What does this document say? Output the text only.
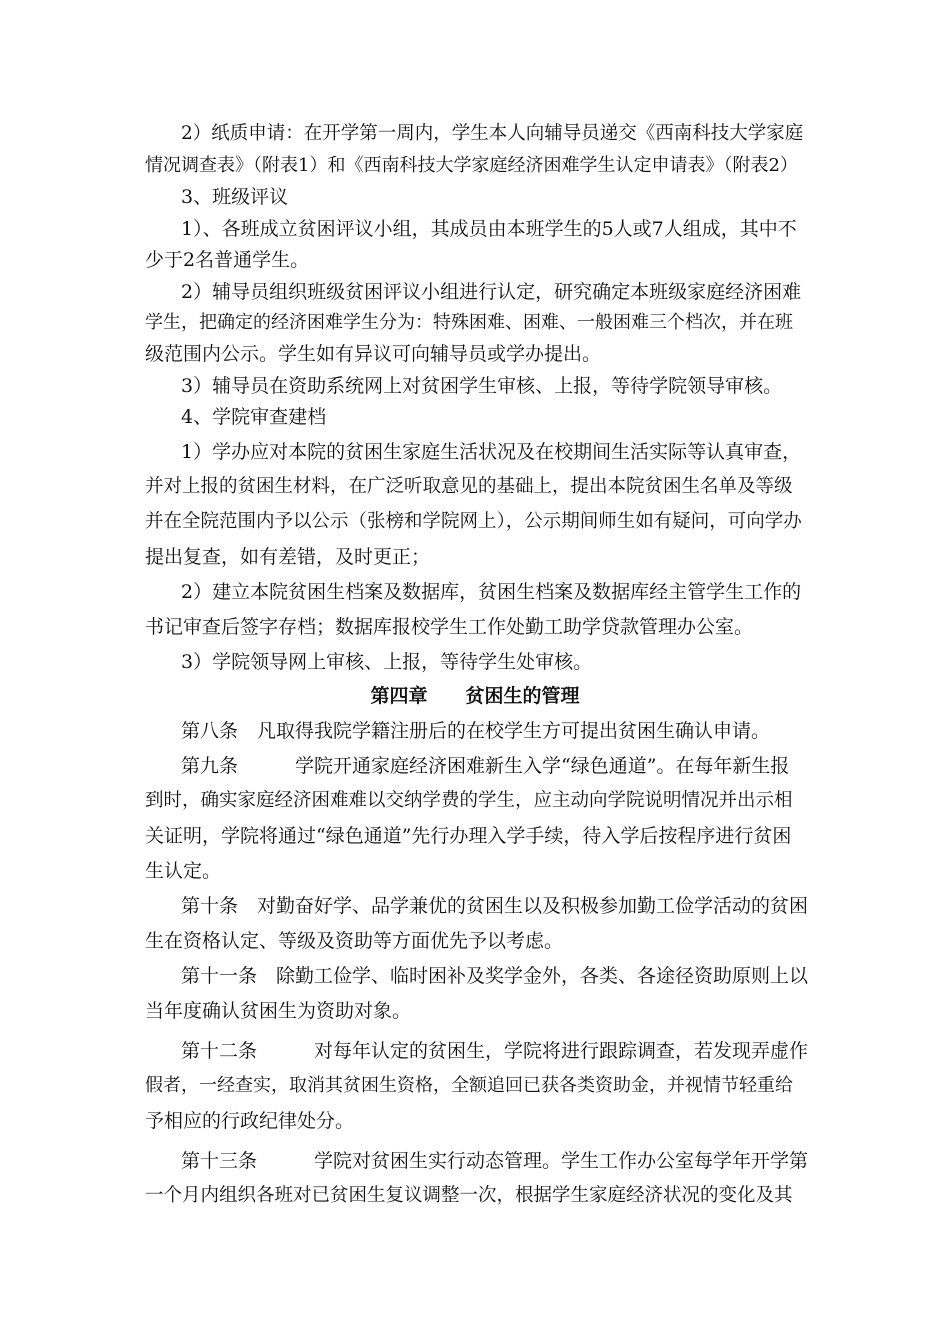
2）纸质申请：在开学第一周内，学生本人向辅导员递交《西南科技大学家庭
情况调查表》（附表1）和《西南科技大学家庭经济困难学生认定申请表》（附表2）
3、班级评议
1）、各班成立贫困评议小组，其成员由本班学生的5人或7人组成，其中不
少于2名普通学生。
2）辅导员组织班级贫困评议小组进行认定，研究确定本班级家庭经济困难
学生，把确定的经济困难学生分为：特殊困难、困难、一般困难三个档次，并在班
级范围内公示。学生如有异议可向辅导员或学办提出。
3）辅导员在资助系统网上对贫困学生审核、上报，等待学院领导审核。
4、学院审查建档
1）学办应对本院的贫困生家庭生活状况及在校期间生活实际等认真审查，
并对上报的贫困生材料，在广泛听取意见的基础上，提出本院贫困生名单及等级
并在全院范围内予以公示（张榜和学院网上），公示期间师生如有疑问，可向学办
提出复查，如有差错，及时更正；
2）建立本院贫困生档案及数据库，贫困生档案及数据库经主管学生工作的
书记审查后签字存档；数据库报校学生工作处勤工助学贷款管理办公室。
3）学院领导网上审核、上报，等待学生处审核。
第四章　　贫困生的管理
第八条　凡取得我院学籍注册后的在校学生方可提出贫困生确认申请。
第九条　　　学院开通家庭经济困难新生入学“绿色通道”。在每年新生报
到时，确实家庭经济困难难以交纳学费的学生，应主动向学院说明情况并出示相
关证明，学院将通过“绿色通道”先行办理入学手续，待入学后按程序进行贫困
生认定。
第十条　对勤奋好学、品学兼优的贫困生以及积极参加勤工俭学活动的贫困
生在资格认定、等级及资助等方面优先予以考虑。
第十一条　除勤工俭学、临时困补及奖学金外，各类、各途径资助原则上以
当年度确认贫困生为资助对象。
第十二条　　　对每年认定的贫困生，学院将进行跟踪调查，若发现弄虚作
假者，一经查实，取消其贫困生资格，全额追回已获各类资助金，并视情节轻重给
予相应的行政纪律处分。
第十三条　　　学院对贫困生实行动态管理。学生工作办公室每学年开学第
一个月内组织各班对已贫困生复议调整一次，根据学生家庭经济状况的变化及其
